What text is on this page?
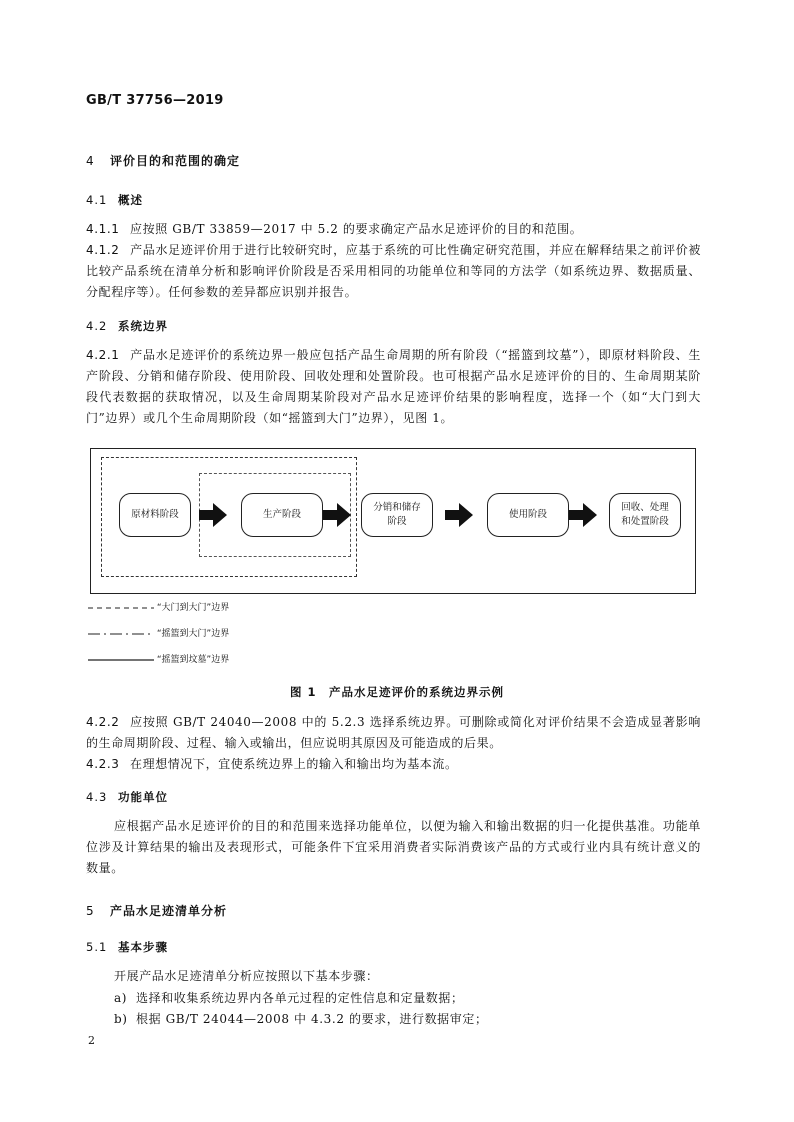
GB/T 37756—2019
4 评价目的和范围的确定
4.1 概述
4.1.1 应按照 GB/T 33859—2017 中 5.2 的要求确定产品水足迹评价的目的和范围。
4.1.2 产品水足迹评价用于进行比较研究时，应基于系统的可比性确定研究范围，并应在解释结果之前评价被比较产品系统在清单分析和影响评价阶段是否采用相同的功能单位和等同的方法学（如系统边界、数据质量、分配程序等）。任何参数的差异都应识别并报告。
4.2 系统边界
4.2.1 产品水足迹评价的系统边界一般应包括产品生命周期的所有阶段（“摇篮到坟墓”），即原材料阶段、生产阶段、分销和储存阶段、使用阶段、回收处理和处置阶段。也可根据产品水足迹评价的目的、生命周期某阶段代表数据的获取情况，以及生命周期某阶段对产品水足迹评价结果的影响程度，选择一个（如“大门到大门”边界）或几个生命周期阶段（如“摇篮到大门”边界），见图 1。
原材料阶段	生产阶段
分销和储存
阶段
使用阶段
回收、处理
和处置阶段
“大门到大门”边界
“摇篮到大门”边界
“摇篮到坟墓”边界
图 1　产品水足迹评价的系统边界示例
4.2.2 应按照 GB/T 24040—2008 中的 5.2.3 选择系统边界。可删除或简化对评价结果不会造成显著影响的生命周期阶段、过程、输入或输出，但应说明其原因及可能造成的后果。
4.2.3 在理想情况下，宜使系统边界上的输入和输出均为基本流。
4.3 功能单位
应根据产品水足迹评价的目的和范围来选择功能单位，以便为输入和输出数据的归一化提供基准。功能单位涉及计算结果的输出及表现形式，可能条件下宜采用消费者实际消费该产品的方式或行业内具有统计意义的数量。
5 产品水足迹清单分析
5.1 基本步骤
开展产品水足迹清单分析应按照以下基本步骤：
a) 选择和收集系统边界内各单元过程的定性信息和定量数据；
b) 根据 GB/T 24044—2008 中 4.3.2 的要求，进行数据审定；
2
